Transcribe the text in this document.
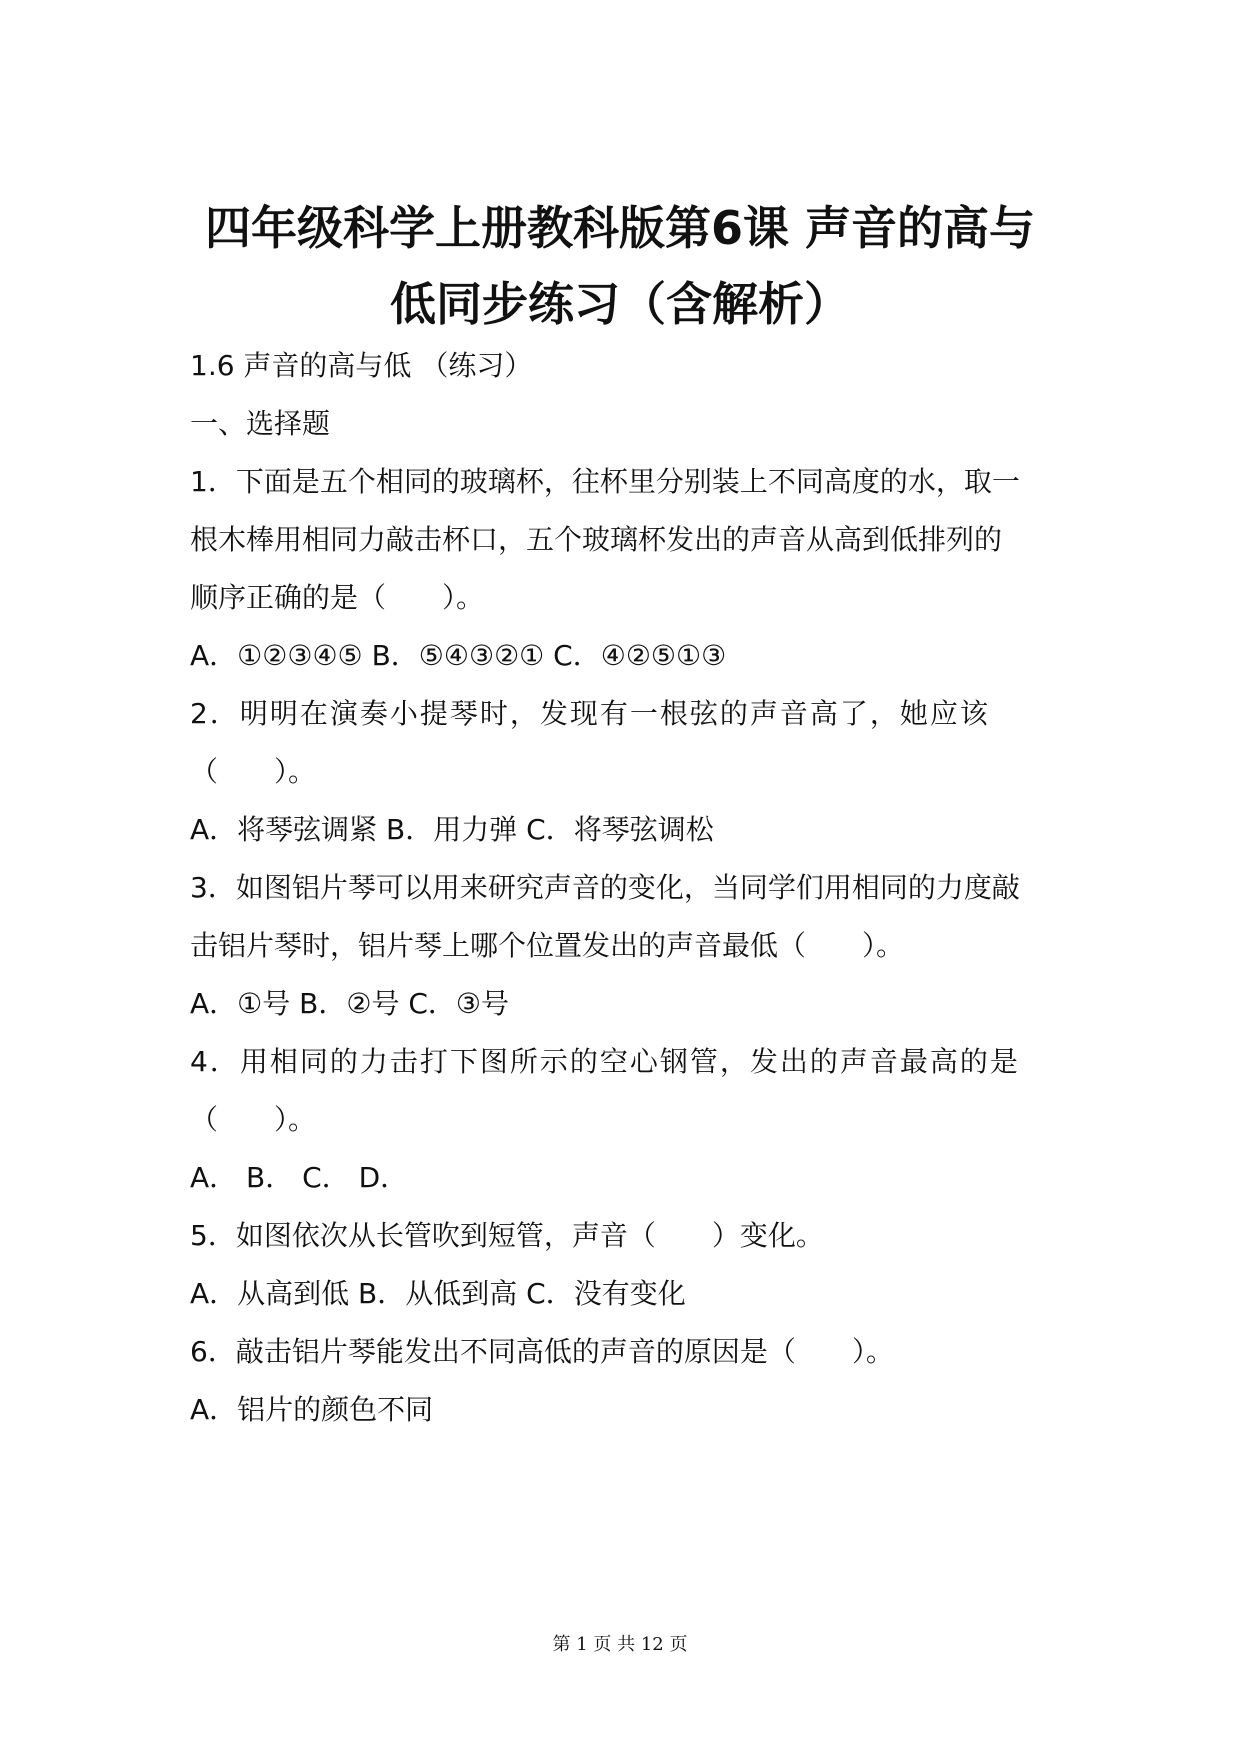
四年级科学上册教科版第6课 声音的高与
低同步练习（含解析）
1.6 声音的高与低 （练习）
一、选择题
1．下面是五个相同的玻璃杯，往杯里分别装上不同高度的水，取一
根木棒用相同力敲击杯口，五个玻璃杯发出的声音从高到低排列的
顺序正确的是（　　）。
A．①②③④⑤ B．⑤④③②① C．④②⑤①③
2．明明在演奏小提琴时，发现有一根弦的声音高了，她应该
（　　）。
A．将琴弦调紧 B．用力弹 C．将琴弦调松
3．如图铝片琴可以用来研究声音的变化，当同学们用相同的力度敲
击铝片琴时，铝片琴上哪个位置发出的声音最低（　　）。
A．①号 B．②号 C．③号
4．用相同的力击打下图所示的空心钢管，发出的声音最高的是
（　　）。
A． B． C． D．
5．如图依次从长管吹到短管，声音（　　）变化。
A．从高到低 B．从低到高 C．没有变化
6．敲击铝片琴能发出不同高低的声音的原因是（　　）。
A．铝片的颜色不同
第 1 页 共 12 页
